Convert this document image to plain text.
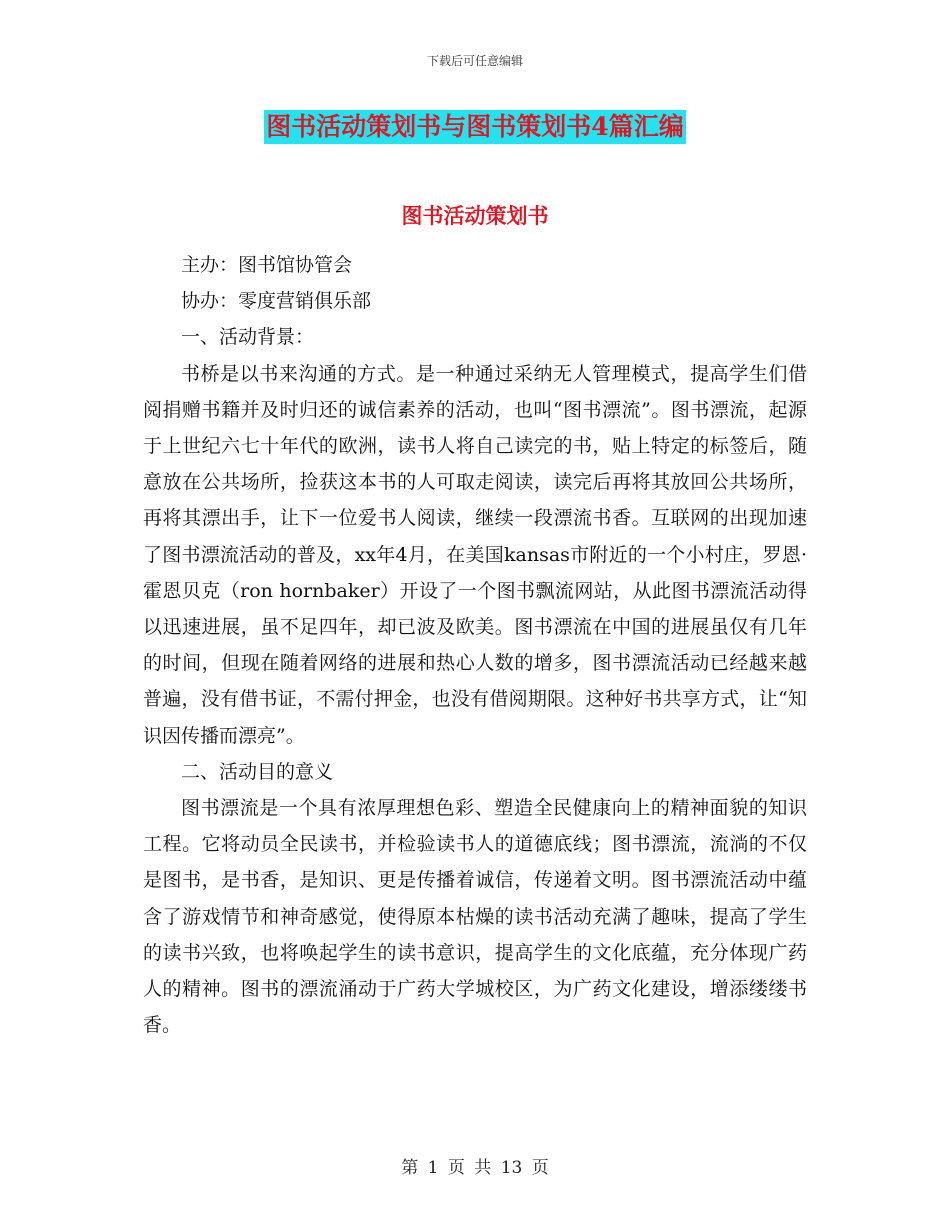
下载后可任意编辑
图书活动策划书与图书策划书4篇汇编
图书活动策划书

主办：图书馆协管会

协办：零度营销俱乐部

一、活动背景：

书桥是以书来沟通的方式。是一种通过采纳无人管理模式，提高学生们借阅捐赠书籍并及时归还的诚信素养的活动，也叫“图书漂流”。图书漂流，起源于上世纪六七十年代的欧洲，读书人将自己读完的书，贴上特定的标签后，随意放在公共场所，捡获这本书的人可取走阅读，读完后再将其放回公共场所，再将其漂出手，让下一位爱书人阅读，继续一段漂流书香。互联网的出现加速了图书漂流活动的普及，xx年4月，在美国kansas市附近的一个小村庄，罗恩·霍恩贝克（ron hornbaker）开设了一个图书飘流网站，从此图书漂流活动得以迅速进展，虽不足四年，却已波及欧美。图书漂流在中国的进展虽仅有几年的时间，但现在随着网络的进展和热心人数的增多，图书漂流活动已经越来越普遍，没有借书证，不需付押金，也没有借阅期限。这种好书共享方式，让“知识因传播而漂亮”。

二、活动目的意义

图书漂流是一个具有浓厚理想色彩、塑造全民健康向上的精神面貌的知识工程。它将动员全民读书，并检验读书人的道德底线；图书漂流，流淌的不仅是图书，是书香，是知识、更是传播着诚信，传递着文明。图书漂流活动中蕴含了游戏情节和神奇感觉，使得原本枯燥的读书活动充满了趣味，提高了学生的读书兴致，也将唤起学生的读书意识，提高学生的文化底蕴，充分体现广药人的精神。图书的漂流涌动于广药大学城校区，为广药文化建设，增添缕缕书香。

第 1 页 共 13 页
